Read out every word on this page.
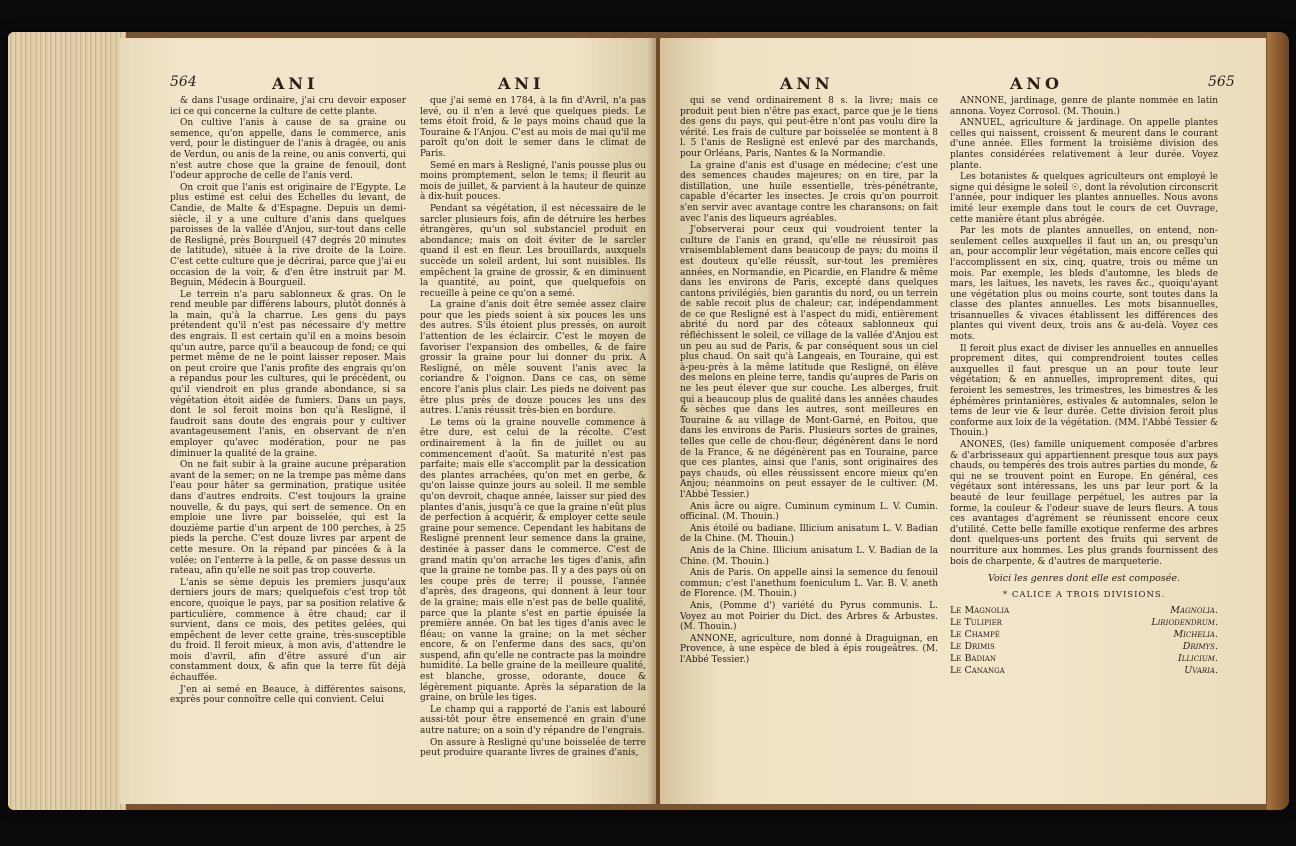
564	ANI	ANI

& dans l'usage ordinaire, j'ai cru devoir exposer ici ce qui concerne la culture de cette plante.

On cultive l'anis à cause de sa graine ou semence, qu'on appelle, dans le commerce, anis verd, pour le distinguer de l'anis à dragée, ou anis de Verdun, ou anis de la reine, ou anis converti, qui n'est autre chose que la graine de fenouil, dont l'odeur approche de celle de l'anis verd.

On croit que l'anis est originaire de l'Egypte. Le plus estimé est celui des Echelles du levant, de Candie, de Malte & d'Espagne. Depuis un demi-siècle, il y a une culture d'anis dans quelques paroisses de la vallée d'Anjou, sur-tout dans celle de Resligné, près Bourgueil (47 degrés 20 minutes de latitude), située à la rive droite de la Loire. C'est cette culture que je décrirai, parce que j'ai eu occasion de la voir, & d'en être instruit par M. Beguin, Médecin à Bourgueil.

Le terrein n'a paru sablonneux & gras. On le rend meuble par différens labours, plutôt donnés à la main, qu'à la charrue. Les gens du pays prétendent qu'il n'est pas nécessaire d'y mettre des engrais. Il est certain qu'il en a moins besoin qu'un autre, parce qu'il a beaucoup de fond; ce qui permet même de ne le point laisser reposer. Mais on peut croire que l'anis profite des engrais qu'on a répandus pour les cultures, qui le précèdent, ou qu'il viendroit en plus grande abondance, si sa végétation étoit aidée de fumiers. Dans un pays, dont le sol feroit moins bon qu'à Resligné, il faudroit sans doute des engrais pour y cultiver avantageusement l'anis, en observant de n'en employer qu'avec modération, pour ne pas diminuer la qualité de la graine.

On ne fait subir à la graine aucune préparation avant de la semer; on ne la trempe pas même dans l'eau pour hâter sa germination, pratique usitée dans d'autres endroits. C'est toujours la graine nouvelle, & du pays, qui sert de semence. On en emploie une livre par boisselée, qui est la douzième partie d'un arpent de 100 perches, à 25 pieds la perche. C'est douze livres par arpent de cette mesure. On la répand par pincées & à la volée; on l'enterre à la pelle, & on passe dessus un rateau, afin qu'elle ne soit pas trop couverte.

L'anis se sème depuis les premiers jusqu'aux derniers jours de mars; quelquefois c'est trop tôt encore, quoique le pays, par sa position relative & particulière, commence à être chaud; car il survient, dans ce mois, des petites gelées, qui empêchent de lever cette graine, très-susceptible du froid. Il feroit mieux, à mon avis, d'attendre le mois d'avril, afin d'être assuré d'un air constamment doux, & afin que la terre fût déjà échauffée.

J'en ai semé en Beauce, à différentes saisons, exprès pour connoître celle qui convient. Celui

que j'ai semé en 1784, à la fin d'Avril, n'a pas levé, ou il n'en a levé que quelques pieds. Le tems étoit froid, & le pays moins chaud que la Touraine & l'Anjou. C'est au mois de mai qu'il me paroît qu'on doit le semer dans le climat de Paris.

Semé en mars à Resligné, l'anis pousse plus ou moins promptement, selon le tems; il fleurit au mois de juillet, & parvient à la hauteur de quinze à dix-huit pouces.

Pendant sa végétation, il est nécessaire de le sarcler plusieurs fois, afin de détruire les herbes étrangères, qu'un sol substanciel produit en abondance; mais on doit éviter de le sarcler quand il est en fleur. Les brouillards, auxquels succède un soleil ardent, lui sont nuisibles. Ils empêchent la graine de grossir, & en diminuent la quantité, au point, que quelquefois on recueille à peine ce qu'on a semé.

La graine d'anis doit être semée assez claire pour que les pieds soient à six pouces les uns des autres. S'ils étoient plus pressés, on auroit l'attention de les éclaircir. C'est le moyen de favoriser l'expansion des ombelles, & de faire grossir la graine pour lui donner du prix. A Resligné, on mêle souvent l'anis avec la coriandre & l'oignon. Dans ce cas, on sème encore l'anis plus clair. Les pieds ne doivent pas être plus près de douze pouces les uns des autres. L'anis réussit très-bien en bordure.

Le tems où la graine nouvelle commence à être dure, est celui de la récolte. C'est ordinairement à la fin de juillet ou au commencement d'août. Sa maturité n'est pas parfaite; mais elle s'accomplit par la dessication des plantes arrachées, qu'on met en gerbe, & qu'on laisse quinze jours au soleil. Il me semble qu'on devroit, chaque année, laisser sur pied des plantes d'anis, jusqu'à ce que la graine n'eût plus de perfection à acquérir, & employer cette seule graine pour semence. Cependant les habitans de Resligné prennent leur semence dans la graine, destinée à passer dans le commerce. C'est de grand matin qu'on arrache les tiges d'anis, afin que la graine ne tombe pas. Il y a des pays où on les coupe près de terre; il pousse, l'année d'après, des drageons, qui donnent à leur tour de la graine; mais elle n'est pas de belle qualité, parce que la plante s'est en partie épuisée la première année. On bat les tiges d'anis avec le fléau; on vanne la graine; on la met sécher encore, & on l'enferme dans des sacs, qu'on suspend, afin qu'elle ne contracte pas la moindre humidité. La belle graine de la meilleure qualité, est blanche, grosse, odorante, douce & légèrement piquante. Après la séparation de la graine, on brûle les tiges.

Le champ qui a rapporté de l'anis est labouré aussi-tôt pour être ensemencé en grain d'une autre nature; on a soin d'y répandre de l'engrais.

On assure à Resligné qu'une boisselée de terre peut produire quarante livres de graines d'anis,

ANN	ANO	565

qui se vend ordinairement 8 s. la livre; mais ce produit peut bien n'être pas exact, parce que je le tiens des gens du pays, qui peut-être n'ont pas voulu dire la vérité. Les frais de culture par boisselée se montent à 8 l. 5 l'anis de Resligné est enlevé par des marchands, pour Orléans, Paris, Nantes & la Normandie.

La graine d'anis est d'usage en médecine; c'est une des semences chaudes majeures; on en tire, par la distillation, une huile essentielle, très-pénétrante, capable d'écarter les insectes. Je crois qu'on pourroit s'en servir avec avantage contre les charansons; on fait avec l'anis des liqueurs agréables.

J'observerai pour ceux qui voudroient tenter la culture de l'anis en grand, qu'elle ne réussiroit pas vraisemblablement dans beaucoup de pays; du moins il est douteux qu'elle réussît, sur-tout les premières années, en Normandie, en Picardie, en Flandre & même dans les environs de Paris, excepté dans quelques cantons privilégiés, bien garantis du nord, ou un terrein de sable recoit plus de chaleur; car, indépendamment de ce que Resligné est à l'aspect du midi, entièrement abrité du nord par des côteaux sablonneux qui réfléchissent le soleil, ce village de la vallée d'Anjou est un peu au sud de Paris, & par conséquent sous un ciel plus chaud. On sait qu'à Langeais, en Touraine, qui est à-peu-près à la même latitude que Resligné, on élève des melons en pleine terre, tandis qu'auprès de Paris on ne les peut élever que sur couche. Les alberges, fruit qui a beaucoup plus de qualité dans les années chaudes & sèches que dans les autres, sont meilleures en Touraine & au village de Mont-Garné, en Poitou, que dans les environs de Paris. Plusieurs sortes de graines, telles que celle de chou-fleur, dégénèrent dans le nord de la France, & ne dégénèrent pas en Touraine, parce que ces plantes, ainsi que l'anis, sont originaires des pays chauds, où elles réussissent encore mieux qu'en Anjou; néanmoins on peut essayer de le cultiver. (M. l'Abbé Tessier.)

Anis âcre ou aigre. Cuminum cyminum L. V. Cumin. officinal. (M. Thouin.)

Anis étoilé ou badiane. Illicium anisatum L. V. Badian de la Chine. (M. Thouin.)

Anis de la Chine. Illicium anisatum L. V. Badian de la Chine. (M. Thouin.)

Anis de Paris. On appelle ainsi la semence du fenouil commun; c'est l'anethum foeniculum L. Var. B. V. aneth de Florence. (M. Thouin.)

Anis, (Pomme d') variété du Pyrus communis. L. Voyez au mot Poirier du Dict. des Arbres & Arbustes. (M. Thouin.)

ANNONE, agriculture, nom donné à Draguignan, en Provence, à une espèce de bled à épis rougeâtres. (M. l'Abbé Tessier.)

ANNONE, jardinage, genre de plante nommée en latin annona. Voyez Corrosol. (M. Thouin.)

ANNUEL, agriculture & jardinage. On appelle plantes celles qui naissent, croissent & meurent dans le courant d'une année. Elles forment la troisième division des plantes considérées relativement à leur durée. Voyez plante.

Les botanistes & quelques agriculteurs ont employé le signe qui désigne le soleil ☉, dont la révolution circonscrit l'année, pour indiquer les plantes annuelles. Nous avons imité leur exemple dans tout le cours de cet Ouvrage, cette manière étant plus abrégée.

Par les mots de plantes annuelles, on entend, non-seulement celles auxquelles il faut un an, ou presqu'un an, pour accomplir leur végétation, mais encore celles qui l'accomplissent en six, cinq, quatre, trois ou même un mois. Par exemple, les bleds d'automne, les bleds de mars, les laitues, les navets, les raves &c., quoiqu'ayant une végétation plus ou moins courte, sont toutes dans la classe des plantes annuelles. Les mots bisannuelles, trisannuelles & vivaces établissent les différences des plantes qui vivent deux, trois ans & au-delà. Voyez ces mots.

Il feroit plus exact de diviser les annuelles en annuelles proprement dites, qui comprendroient toutes celles auxquelles il faut presque un an pour toute leur végétation; & en annuelles, improprement dites, qui feroient les semestres, les trimestres, les bimestres & les éphémères printanières, estivales & automnales, selon le tems de leur vie & leur durée. Cette division feroit plus conforme aux loix de la végétation. (MM. l'Abbé Tessier & Thouin.)

ANONES, (les) famille uniquement composée d'arbres & d'arbrisseaux qui appartiennent presque tous aux pays chauds, ou tempérés des trois autres parties du monde, & qui ne se trouvent point en Europe. En général, ces végétaux sont intéressans, les uns par leur port & la beauté de leur feuillage perpétuel, les autres par la forme, la couleur & l'odeur suave de leurs fleurs. A tous ces avantages d'agrément se réunissent encore ceux d'utilité. Cette belle famille exotique renferme des arbres dont quelques-uns portent des fruits qui servent de nourriture aux hommes. Les plus grands fournissent des bois de charpente, & d'autres de marqueterie.

Voici les genres dont elle est composée.
* CALICE A TROIS DIVISIONS.
Le Magnolia	Magnolia.
Le Tulipier	Liriodendrum.
Le Champé	Michelia.
Le Drimis	Drimys.
Le Badian	Illicium.
Le Cananga	Uvaria.
